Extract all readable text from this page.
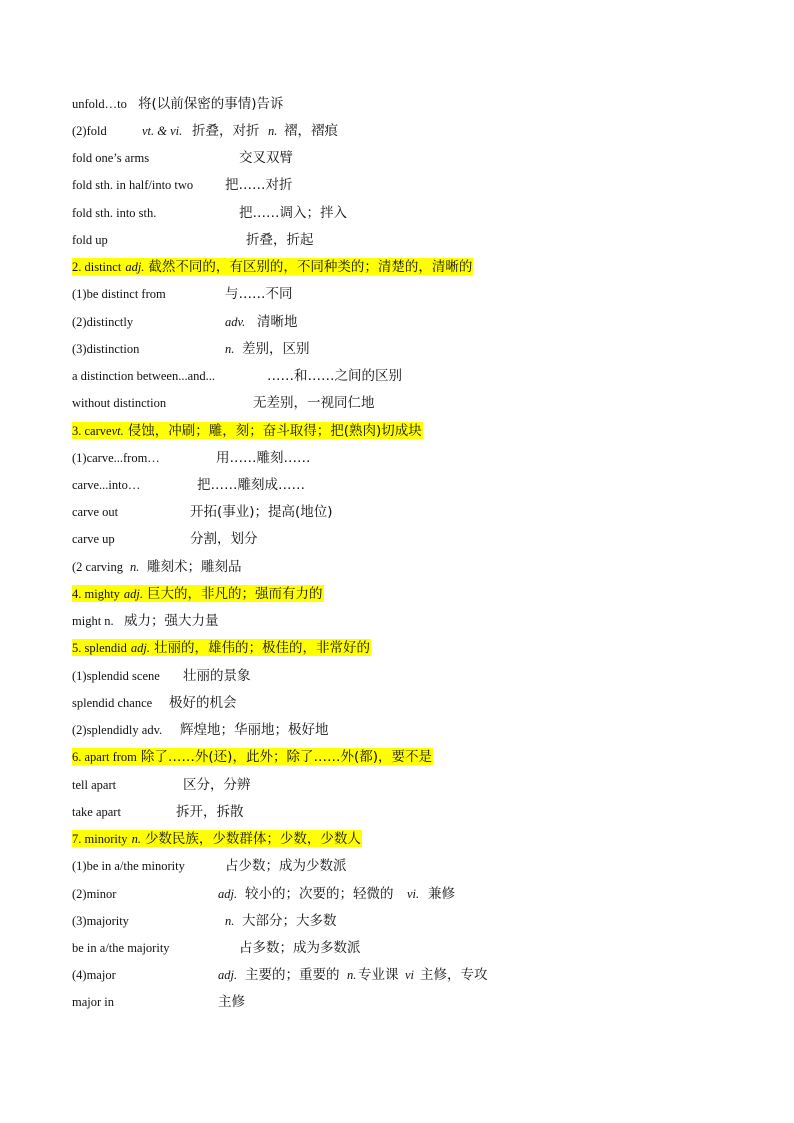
unfold…to 将(以前保密的事情)告诉
(2)fold	vt. & vi. 折叠，对折 n. 褶，褶痕
fold one’s arms	交叉双臂
fold sth. in half/into two 把……对折
fold sth. into sth.	把……调入；拌入
fold up	折叠，折起
2. distinct adj. 截然不同的，有区别的，不同种类的；清楚的，清晰的
(1)be distinct from	与……不同
(2)distinctly	adv. 清晰地
(3)distinction	n. 差别，区别
a distinction between...and...	……和……之间的区别
without distinction	无差别，一视同仁地
3. carvevt. 侵蚀，冲刷；雕，刻；奋斗取得；把(熟肉)切成块
(1)carve...from…	用……雕刻……
carve...into…	把……雕刻成……
carve out	开拓(事业)；提高(地位)
carve up	分割，划分
(2 carving n. 雕刻术；雕刻品
4. mighty adj. 巨大的，非凡的；强而有力的
might n. 威力；强大力量
5. splendid adj. 壮丽的，雄伟的；极佳的，非常好的
(1)splendid scene 壮丽的景象
splendid chance 极好的机会
(2)splendidly adv. 辉煌地；华丽地；极好地
6. apart from 除了……外(还)，此外；除了……外(都)，要不是
tell apart	区分，分辨
take apart	拆开，拆散
7. minority n. 少数民族，少数群体；少数，少数人
(1)be in a/the minority	占少数；成为少数派
(2)minor	adj. 较小的；次要的；轻微的 vi. 兼修
(3)majority	n. 大部分；大多数
be in a/the majority	占多数；成为多数派
(4)major	adj. 主要的；重要的 n. 专业课 vi 主修，专攻
major in	主修
